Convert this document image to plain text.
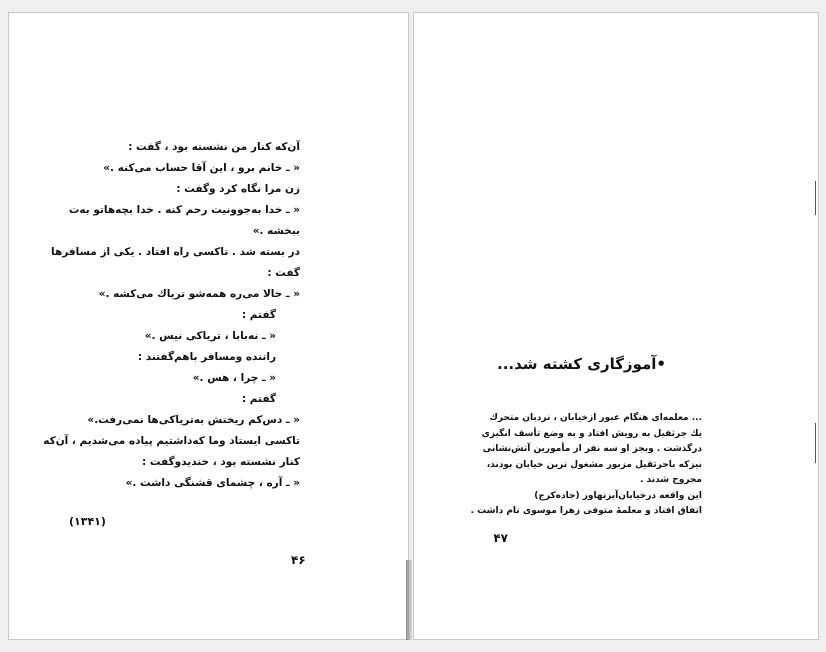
آن‌که کنار من نشسته بود ، گفت :
« ـ خانم برو ، این آقا حساب می‌کنه .»
زن مرا نگاه کرد وگفت :
« ـ خدا به‌جوونیت رحم کنه . خدا بچه‌هاتو به‌ت
ببخشه .»
در بسته شد . تاکسی راه افتاد . یکی از مسافرها
گفت :
« ـ حالا می‌ره همه‌شو تریاك می‌کشه .»
گفتم :
« ـ نه‌بابا ، تریاکی نیس .»
راننده ومسافر باهم‌گفتند :
« ـ چرا ، هس .»
گفتم :
« ـ دس‌کم ریختش به‌تریاکی‌ها نمی‌رفت.»
تاکسی ایستاد وما که‌داشتیم پیاده می‌شدیم ، آن‌که
کنار نشسته بود ، خندیدوگفت :
« ـ آره ، چشمای قشنگی داشت .»
(۱۳۴۱)
۴۶
•آموزگاری کشته شد...
... معلمه‌ای هنگام عبور ازخیابان ، نردبان متحرك
یك جرثقیل به رویش افتاد و به وضع تأسف انگیزی
درگذشت . وبجز او سه نفر از مأمورین آتش‌نشانی
نیزکه باجرثقیل مزبور مشغول ترین خیابان بودند،
مجروح شدند .
این واقعه درخیابان‌آیزنهاور (جاده‌کرج)
اتفاق افتاد و معلمهٔ متوفی زهرا موسوی نام داشت .
۴۷
